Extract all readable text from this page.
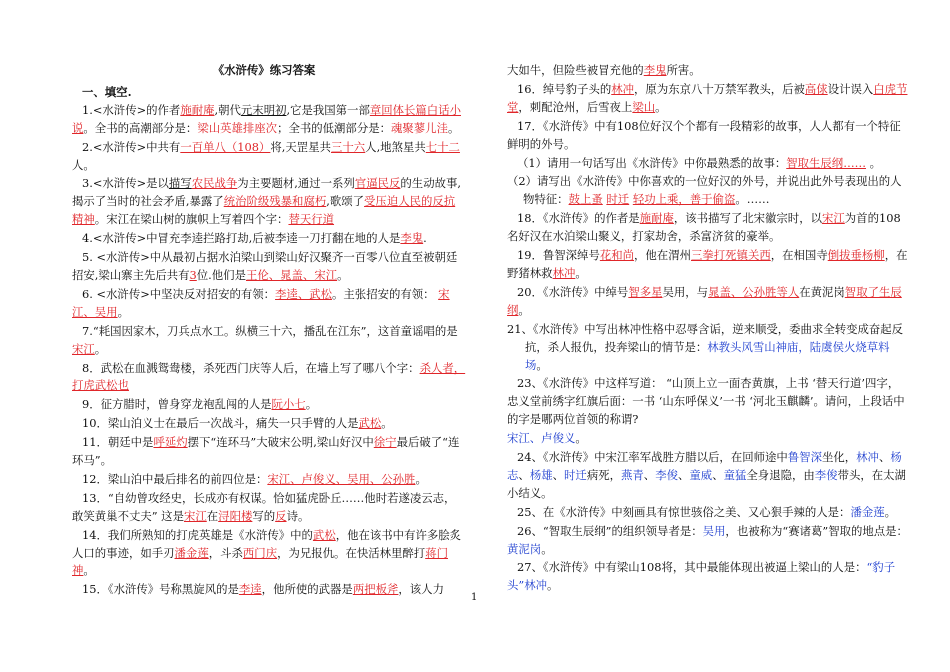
《水浒传》练习答案
一、填空.
1.<水浒传>的作者施耐庵,朝代元末明初,它是我国第一部章回体长篇白话小说。全书的高潮部分是：梁山英雄排座次；全书的低潮部分是：魂聚蓼儿洼。
2.<水浒传>中共有一百单八（108）将,天罡星共三十六人,地煞星共七十二人。
3.<水浒传>是以描写农民战争为主要题材,通过一系列官逼民反的生动故事,揭示了当时的社会矛盾,暴露了统治阶级残暴和腐朽,歌颂了受压迫人民的反抗精神。宋江在梁山树的旗帜上写着四个字：替天行道
4.<水浒传>中冒充李逵拦路打劫,后被李逵一刀打翻在地的人是李鬼.
5. <水浒传>中从最初占据水泊梁山到梁山好汉聚齐一百零八位直至被朝廷招安,梁山寨主先后共有3位.他们是王伦、晁盖、宋江。
6. <水浒传>中坚决反对招安的有领：李逵、武松。主张招安的有领： 宋江、吴用。
7.“耗国因家木，刀兵点水工。纵横三十六，播乱在江东”，这首童谣唱的是宋江。
8．武松在血溅鸳鸯楼，杀死西门庆等人后，在墙上写了哪八个字：杀人者，打虎武松也
9．征方腊时，曾身穿龙袍乱闯的人是阮小七。
10．梁山泊义士在最后一次战斗，痛失一只手臂的人是武松。
11．朝廷中是呼延灼摆下“连环马”大破宋公明,梁山好汉中徐宁最后破了“连环马”。
12．梁山泊中最后排名的前四位是：宋江、卢俊义、吴用、公孙胜。
13．“自幼曾攻经史，长成亦有权谋。恰如猛虎卧丘……他时若遂凌云志，敢笑黄巢不丈夫” 这是宋江在浔阳楼写的反诗。
14．我们所熟知的打虎英雄是《水浒传》中的武松，他在该书中有许多脍炙人口的事迹，如手刃潘金莲，斗杀西门庆，为兄报仇。在快活林里醉打蒋门神。
15．《水浒传》号称黑旋风的是李逵，他所使的武器是两把板斧，该人力
大如牛，但险些被冒充他的李鬼所害。
16．绰号豹子头的林冲，原为东京八十万禁军教头，后被高俅设计误入白虎节堂，刺配沧州，后雪夜上梁山。
17．《水浒传》中有108位好汉个个都有一段精彩的故事，人人都有一个特征鲜明的外号。
（1）请用一句话写出《水浒传》中你最熟悉的故事：智取生辰纲…… 。
（2）请写出《水浒传》中你喜欢的一位好汉的外号，并说出此外号表现出的人物特征：鼓上蚤 时迁 轻功上乘，善于偷盗。……
18．《水浒传》的作者是施耐庵，该书描写了北宋徽宗时，以宋江为首的108名好汉在水泊梁山聚义，打家劫舍，杀富济贫的豪举。
19．鲁智深绰号花和尚，他在渭州三拳打死镇关西，在相国寺倒拔垂杨柳，在野猪林救林冲。
20．《水浒传》中绰号智多星吴用，与晁盖、公孙胜等人在黄泥岗智取了生辰纲。
21、《水浒传》中写出林冲性格中忍辱含诟，逆来顺受，委曲求全转变成奋起反抗，杀人报仇，投奔梁山的情节是：林教头风雪山神庙，陆虞侯火烧草料场。
23、《水浒传》中这样写道： “山顶上立一面杏黄旗，上书 ‘替天行道’四字，忠义堂前绣字红旗后面：一书 ‘山东呼保义’一书 ‘河北玉麒麟’。请问，上段话中的字是哪两位首领的称谓?
宋江、卢俊义。
24、《水浒传》中宋江率军战胜方腊以后，在回师途中鲁智深坐化，林冲、杨志、杨雄、时迁病死，燕青、李俊、童威、童猛全身退隐，由李俊带头，在太湖小结义。
25、在《水浒传》中刻画具有惊世骇俗之美、又心狠手辣的人是：潘金莲。
26、“智取生辰纲”的组织领导者是：吴用，也被称为“赛诸葛”智取的地点是：黄泥岗。
27、《水浒传》中有梁山108将，其中最能体现出被逼上梁山的人是：“豹子头”林冲。
1
